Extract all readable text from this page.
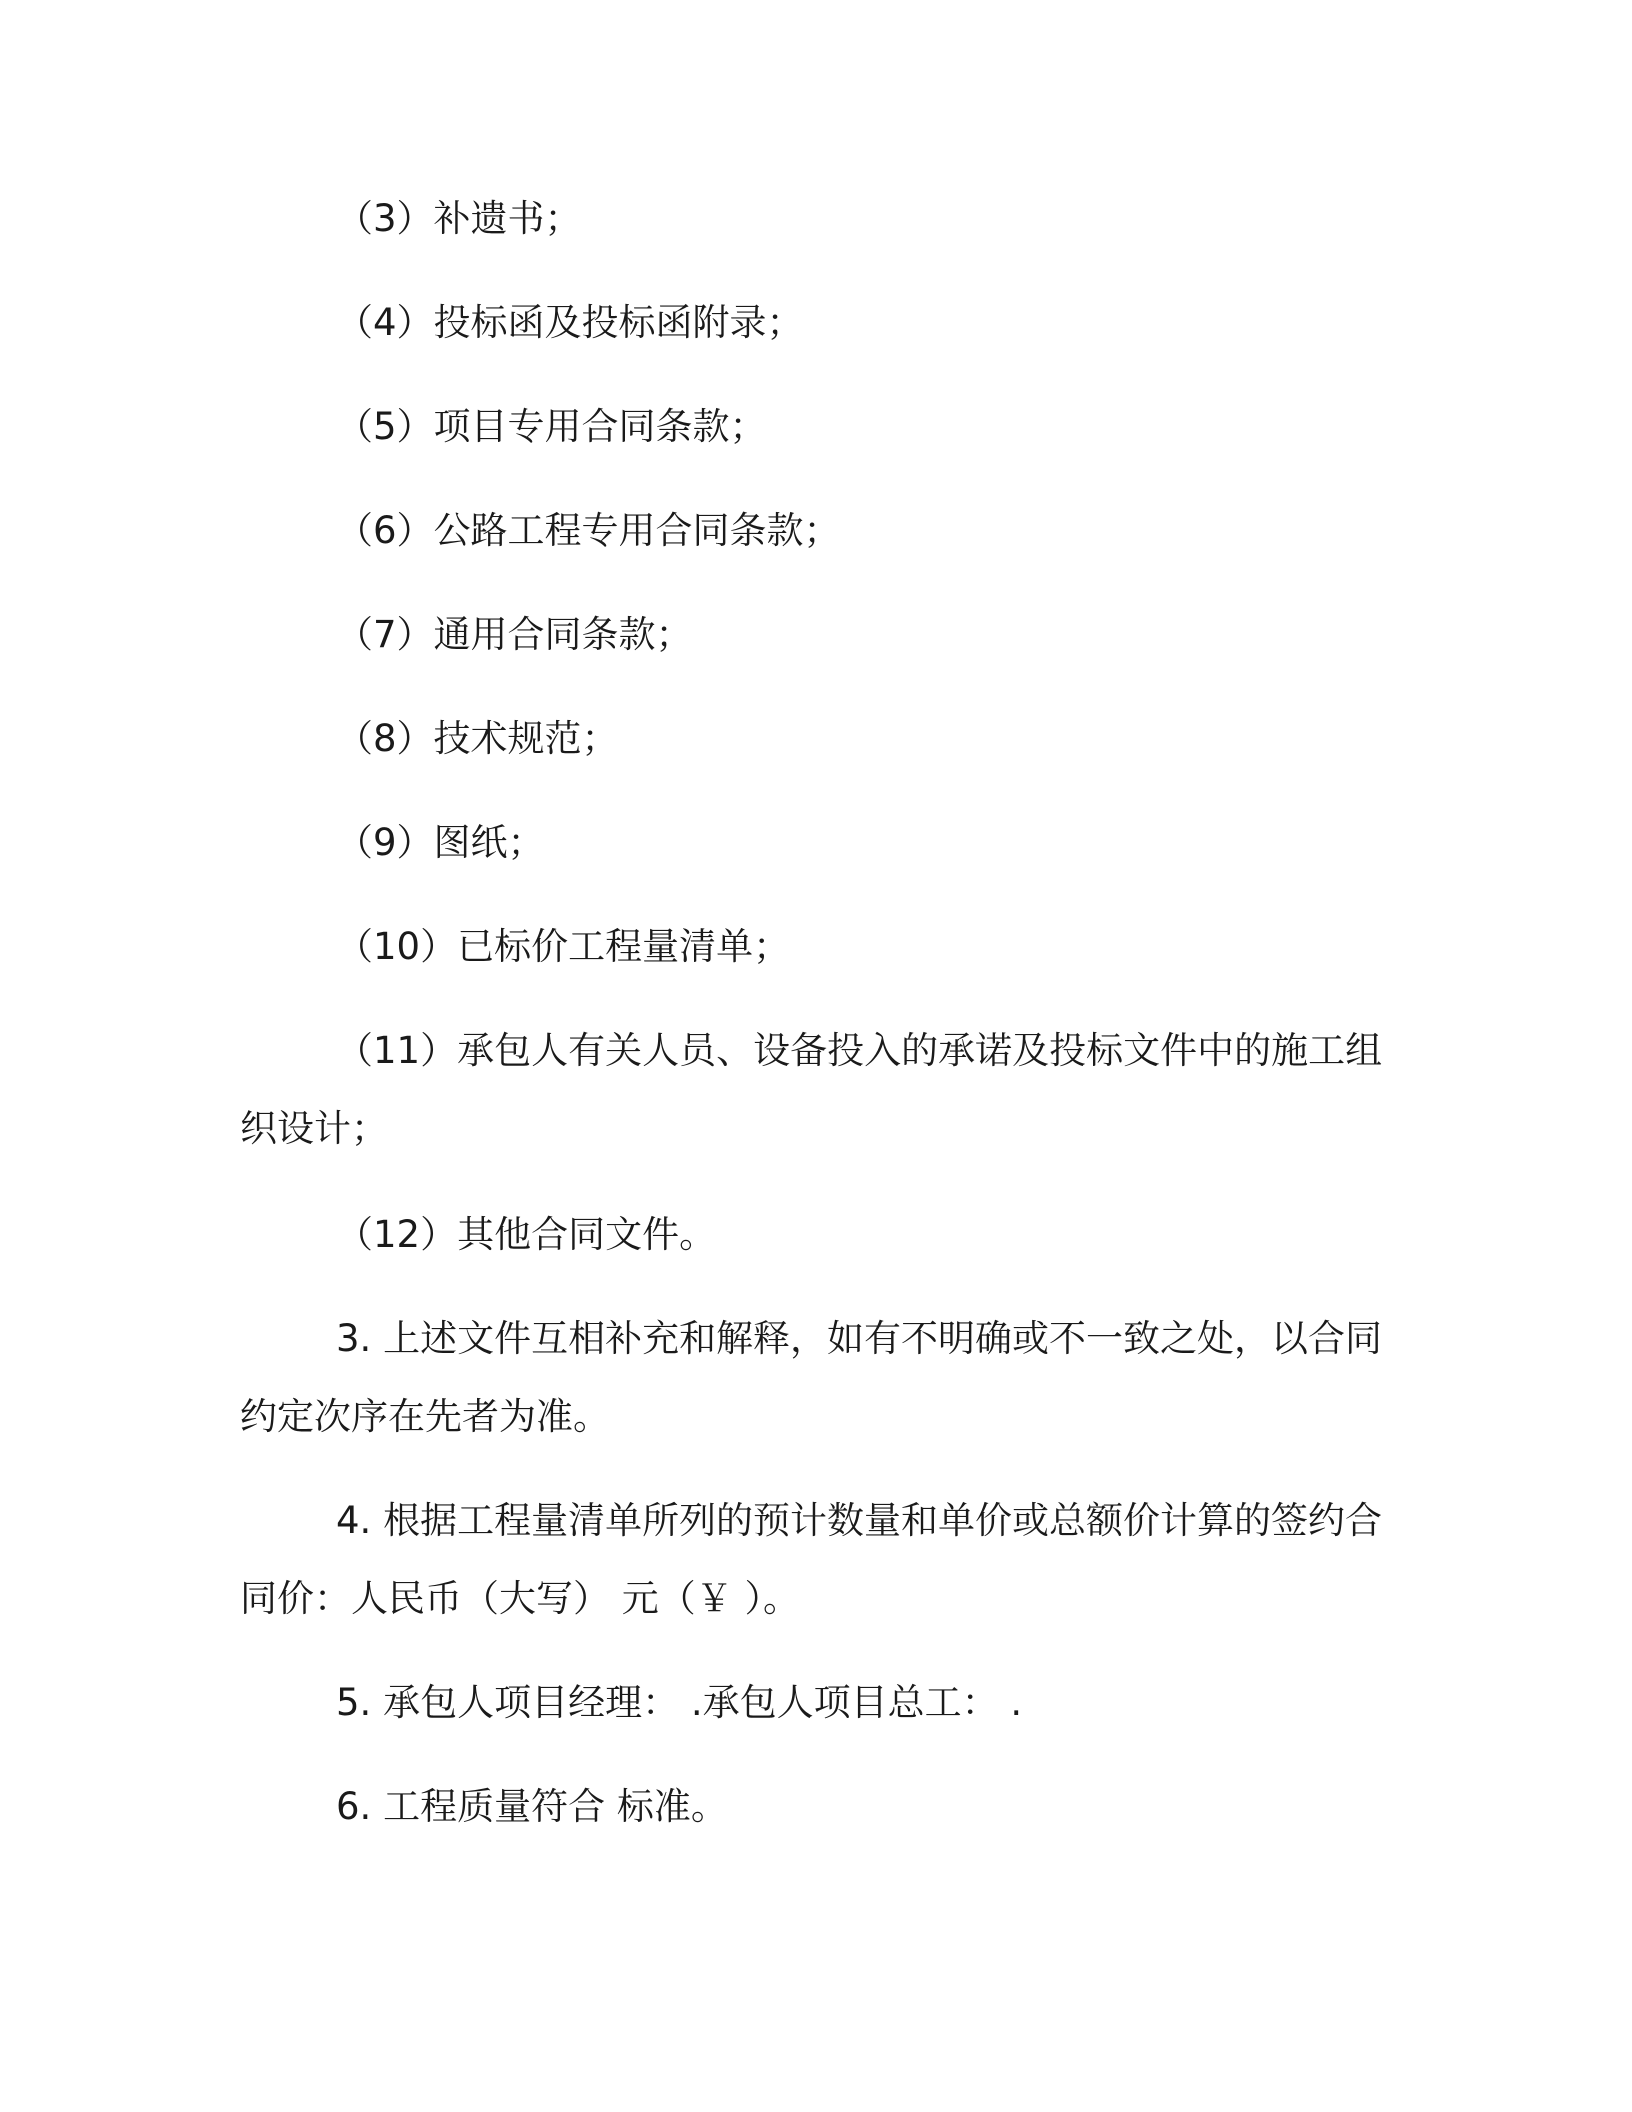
（3）补遗书；

（4）投标函及投标函附录；

（5）项目专用合同条款；

（6）公路工程专用合同条款；

（7）通用合同条款；

（8）技术规范；

（9）图纸；

（10）已标价工程量清单；

（11）承包人有关人员、设备投入的承诺及投标文件中的施工组织设计；

（12）其他合同文件。

3. 上述文件互相补充和解释，如有不明确或不一致之处，以合同约定次序在先者为准。

4. 根据工程量清单所列的预计数量和单价或总额价计算的签约合同价：人民币（大写） 元（￥ ）。

5. 承包人项目经理： .承包人项目总工： .

6. 工程质量符合 标准。
